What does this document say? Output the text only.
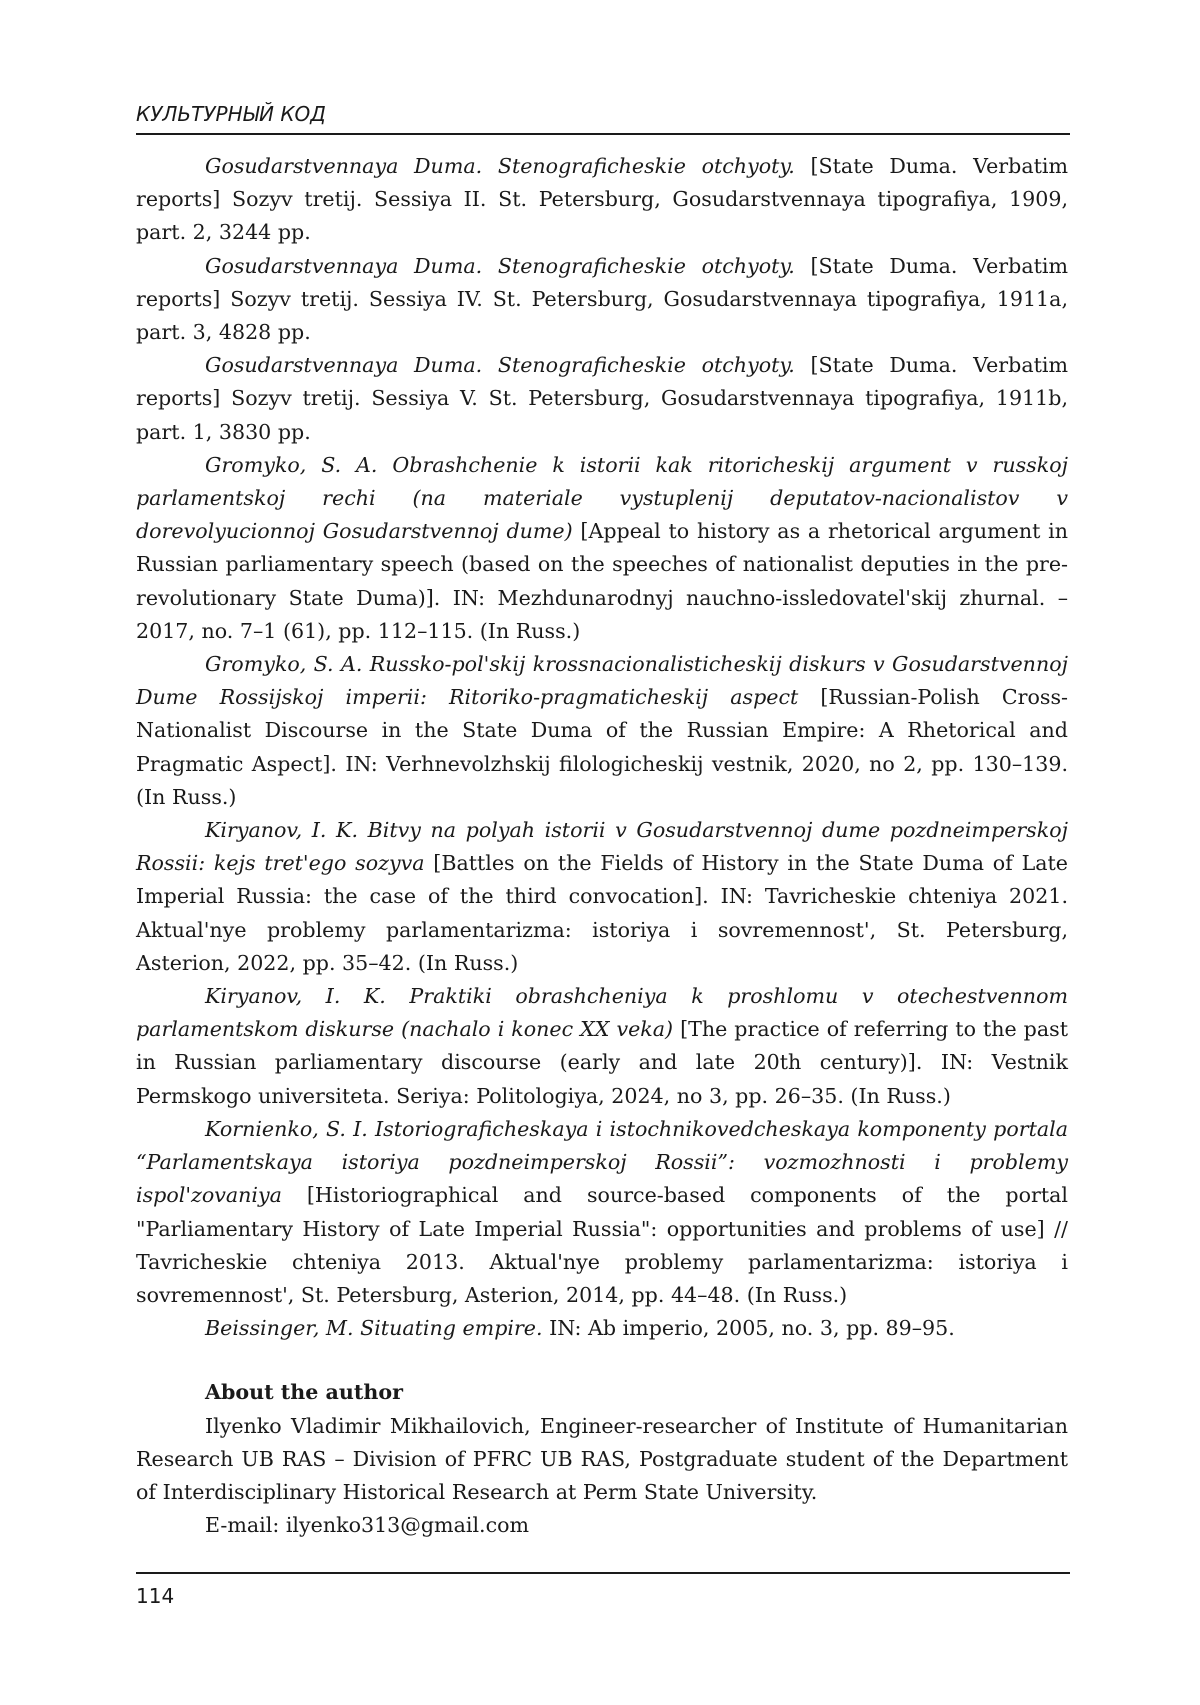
КУЛЬТУРНЫЙ КОД

Gosudarstvennaya Duma. Stenograficheskie otchyoty. [State Duma. Verbatim reports] Sozyv tretij. Sessiya II. St. Petersburg, Gosudarstvennaya tipografiya, 1909, part. 2, 3244 pp.

Gosudarstvennaya Duma. Stenograficheskie otchyoty. [State Duma. Verbatim reports] Sozyv tretij. Sessiya IV. St. Petersburg, Gosudarstvennaya tipografiya, 1911a, part. 3, 4828 pp.

Gosudarstvennaya Duma. Stenograficheskie otchyoty. [State Duma. Verbatim reports] Sozyv tretij. Sessiya V. St. Petersburg, Gosudarstvennaya tipografiya, 1911b, part. 1, 3830 pp.

Gromyko, S. A. Obrashchenie k istorii kak ritoricheskij argument v russkoj parlamentskoj rechi (na materiale vystuplenij deputatov-nacionalistov v dorevolyucionnoj Gosudarstvennoj dume) [Appeal to history as a rhetorical argument in Russian parliamentary speech (based on the speeches of nationalist deputies in the pre-revolutionary State Duma)]. IN: Mezhdunarodnyj nauchno-issledovatel'skij zhurnal. – 2017, no. 7–1 (61), pp. 112–115. (In Russ.)

Gromyko, S. A. Russko-pol'skij krossnacionalisticheskij diskurs v Gosudarstvennoj Dume Rossijskoj imperii: Ritoriko-pragmaticheskij aspect [Russian-Polish Cross-Nationalist Discourse in the State Duma of the Russian Empire: A Rhetorical and Pragmatic Aspect]. IN: Verhnevolzhskij filologicheskij vestnik, 2020, no 2, pp. 130–139. (In Russ.)

Kiryanov, I. K. Bitvy na polyah istorii v Gosudarstvennoj dume pozdneimperskoj Rossii: kejs tret'ego sozyva [Battles on the Fields of History in the State Duma of Late Imperial Russia: the case of the third convocation]. IN: Tavricheskie chteniya 2021. Aktual'nye problemy parlamentarizma: istoriya i sovremennost', St. Petersburg, Asterion, 2022, pp. 35–42. (In Russ.)

Kiryanov, I. K. Praktiki obrashcheniya k proshlomu v otechestvennom parlamentskom diskurse (nachalo i konec XX veka) [The practice of referring to the past in Russian parliamentary discourse (early and late 20th century)]. IN: Vestnik Permskogo universiteta. Seriya: Politologiya, 2024, no 3, pp. 26–35. (In Russ.)

Kornienko, S. I. Istoriograficheskaya i istochnikovedcheskaya komponenty portala “Parlamentskaya istoriya pozdneimperskoj Rossii”: vozmozhnosti i problemy ispol'zovaniya [Historiographical and source-based components of the portal "Parliamentary History of Late Imperial Russia": opportunities and problems of use] // Tavricheskie chteniya 2013. Aktual'nye problemy parlamentarizma: istoriya i sovremennost', St. Petersburg, Asterion, 2014, pp. 44–48. (In Russ.)

Beissinger, M. Situating empire. IN: Ab imperio, 2005, no. 3, pp. 89–95.

About the author

Ilyenko Vladimir Mikhailovich, Engineer-researcher of Institute of Humanitarian Research UB RAS – Division of PFRC UB RAS, Postgraduate student of the Department of Interdisciplinary Historical Research at Perm State University.

E-mail: ilyenko313@gmail.com

114
